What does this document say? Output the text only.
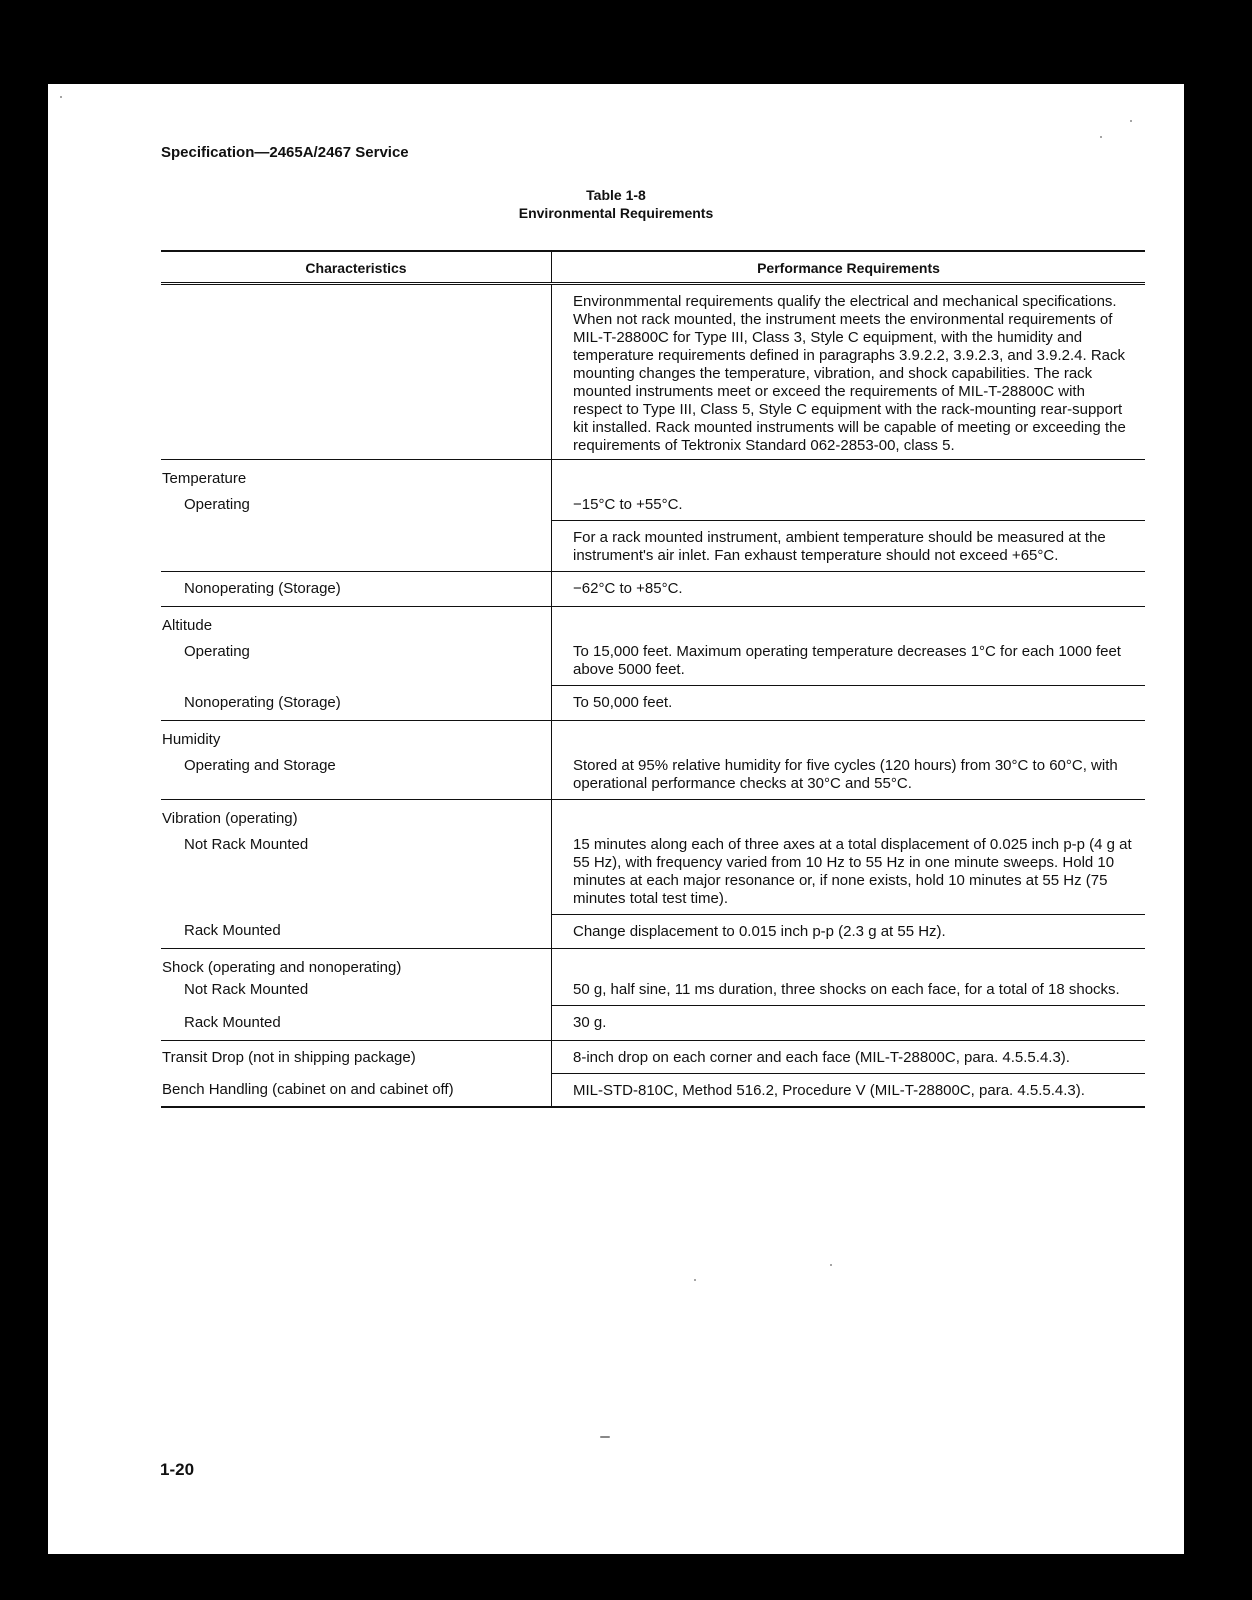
Specification—2465A/2467 Service
Table 1-8
Environmental Requirements
Characteristics	Performance Requirements

	Environmmental requirements qualify the electrical and mechanical specifications. When not rack mounted, the instrument meets the environmental requirements of MIL-T-28800C for Type III, Class 3, Style C equipment, with the humidity and temperature requirements defined in paragraphs 3.9.2.2, 3.9.2.3, and 3.9.2.4. Rack mounting changes the temperature, vibration, and shock capabilities. The rack mounted instruments meet or exceed the requirements of MIL-T-28800C with respect to Type III, Class 5, Style C equipment with the rack-mounting rear-support kit installed. Rack mounted instruments will be capable of meeting or exceeding the requirements of Tektronix Standard 062-2853-00, class 5.

Temperature
Operating	−15°C to +55°C.

	For a rack mounted instrument, ambient temperature should be measured at the instrument's air inlet. Fan exhaust temperature should not exceed +65°C.

Nonoperating (Storage)	−62°C to +85°C.

Altitude
Operating	To 15,000 feet. Maximum operating temperature decreases 1°C for each 1000 feet above 5000 feet.

Nonoperating (Storage)	To 50,000 feet.

Humidity
Operating and Storage	Stored at 95% relative humidity for five cycles (120 hours) from 30°C to 60°C, with operational performance checks at 30°C and 55°C.

Vibration (operating)
Not Rack Mounted	15 minutes along each of three axes at a total displacement of 0.025 inch p-p (4 g at 55 Hz), with frequency varied from 10 Hz to 55 Hz in one minute sweeps. Hold 10 minutes at each major resonance or, if none exists, hold 10 minutes at 55 Hz (75 minutes total test time).

Rack Mounted	Change displacement to 0.015 inch p-p (2.3 g at 55 Hz).

Shock (operating and nonoperating)
Not Rack Mounted	50 g, half sine, 11 ms duration, three shocks on each face, for a total of 18 shocks.

Rack Mounted	30 g.

Transit Drop (not in shipping package)	8-inch drop on each corner and each face (MIL-T-28800C, para. 4.5.5.4.3).

Bench Handling (cabinet on and cabinet off)	MIL-STD-810C, Method 516.2, Procedure V (MIL-T-28800C, para. 4.5.5.4.3).
1-20
